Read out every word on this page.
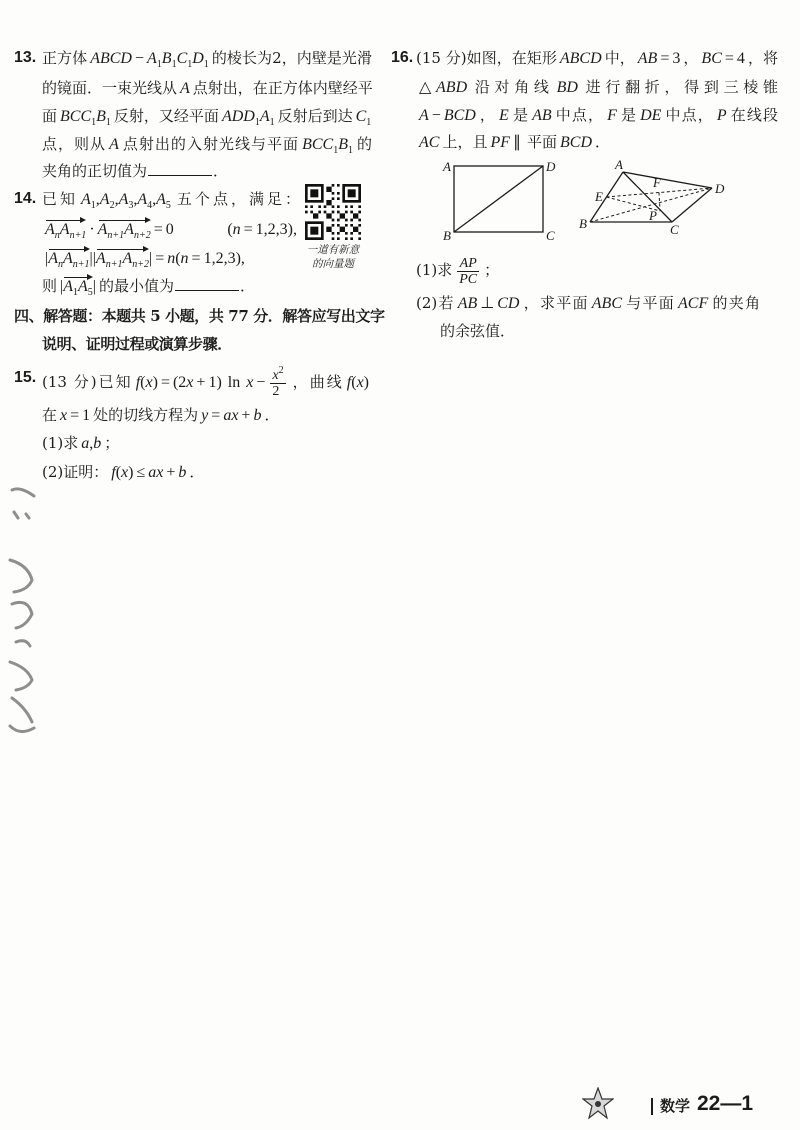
13. 正方体 ABCD − $A_1B_1C_1D_1$ 的棱长为2，内壁是光滑
的镜面．一束光线从 A 点射出，在正方体内壁经平
面 $BCC_1B_1$ 反射，又经平面 $ADD_1A_1$ 反射后到达 $C_1$
点，则从 A 点射出的入射光线与平面 $BCC_1B_1$ 的
夹角的正切值为	．
14. 已知 $A_1,A_2,A_3,A_4,A_5$ 五个点，满足：
$A_nA_{n+1} \cdot A_{n+1}A_{n+2} = 0$ (n = 1,2,3),
$|A_nA_{n+1}||A_{n+1}A_{n+2}| = n(n = 1,2,3)$,
则 $|A_1A_5|$ 的最小值为	．
一道有新意
的向量题
四、解答题：本题共 5 小题，共 77 分．解答应写出文字
说明、证明过程或演算步骤．
15. (13 分)已知 f(x) = (2x + 1) $\ln x - \frac{x^2}{2}$ ，曲线 f(x)
在 x = 1 处的切线方程为 y = ax + b ．
(1)求 a,b ；
(2)证明： f(x) ≤ ax + b ．
16. (15 分)如图，在矩形 ABCD 中， AB = 3 ， BC = 4 ，将
△ABD 沿对角线 BD 进行翻折，得到三棱锥
A − BCD ， E 是 AB 中点， F 是 DE 中点， P 在线段
AC 上，且 PF ∥ 平面 BCD ．
A	D
B	C
A
D
E
F
B
P
C
(1)求 $\frac{AP}{PC}$ ；
(2)若 AB ⊥ CD ，求平面 ABC 与平面 ACF 的夹角
的余弦值．
数学 22—1
